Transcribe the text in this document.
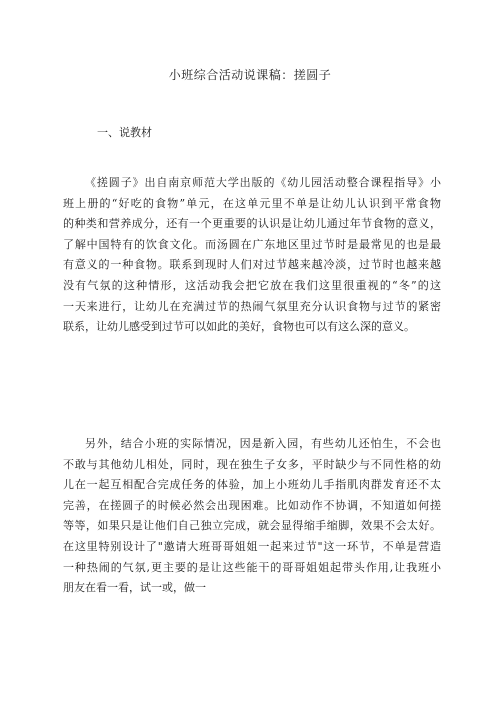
小班综合活动说课稿：搓圆子
一、说教材
《搓圆子》出自南京师范大学出版的《幼儿园活动整合课程指导》小
班上册的“好吃的食物”单元，在这单元里不单是让幼儿认识到平常食物
的种类和营养成分，还有一个更重要的认识是让幼儿通过年节食物的意义，
了解中国特有的饮食文化。而汤圆在广东地区里过节时是最常见的也是最
有意义的一种食物。联系到现时人们对过节越来越冷淡，过节时也越来越
没有气氛的这种情形，这活动我会把它放在我们这里很重视的“冬”的这
一天来进行，让幼儿在充满过节的热闹气氛里充分认识食物与过节的紧密
联系，让幼儿感受到过节可以如此的美好，食物也可以有这么深的意义。
另外，结合小班的实际情况，因是新入园，有些幼儿还怕生，不会也
不敢与其他幼儿相处，同时，现在独生子女多，平时缺少与不同性格的幼
儿在一起互相配合完成任务的体验，加上小班幼儿手指肌肉群发育还不太
完善，在搓圆子的时候必然会出现困难。比如动作不协调，不知道如何搓
等等，如果只是让他们自己独立完成，就会显得缩手缩脚，效果不会太好。
在这里特别设计了"邀请大班哥哥姐姐一起来过节"这一环节，不单是营造
一种热闹的气氛,更主要的是让这些能干的哥哥姐姐起带头作用,让我班小
朋友在看一看，试一或，做一
